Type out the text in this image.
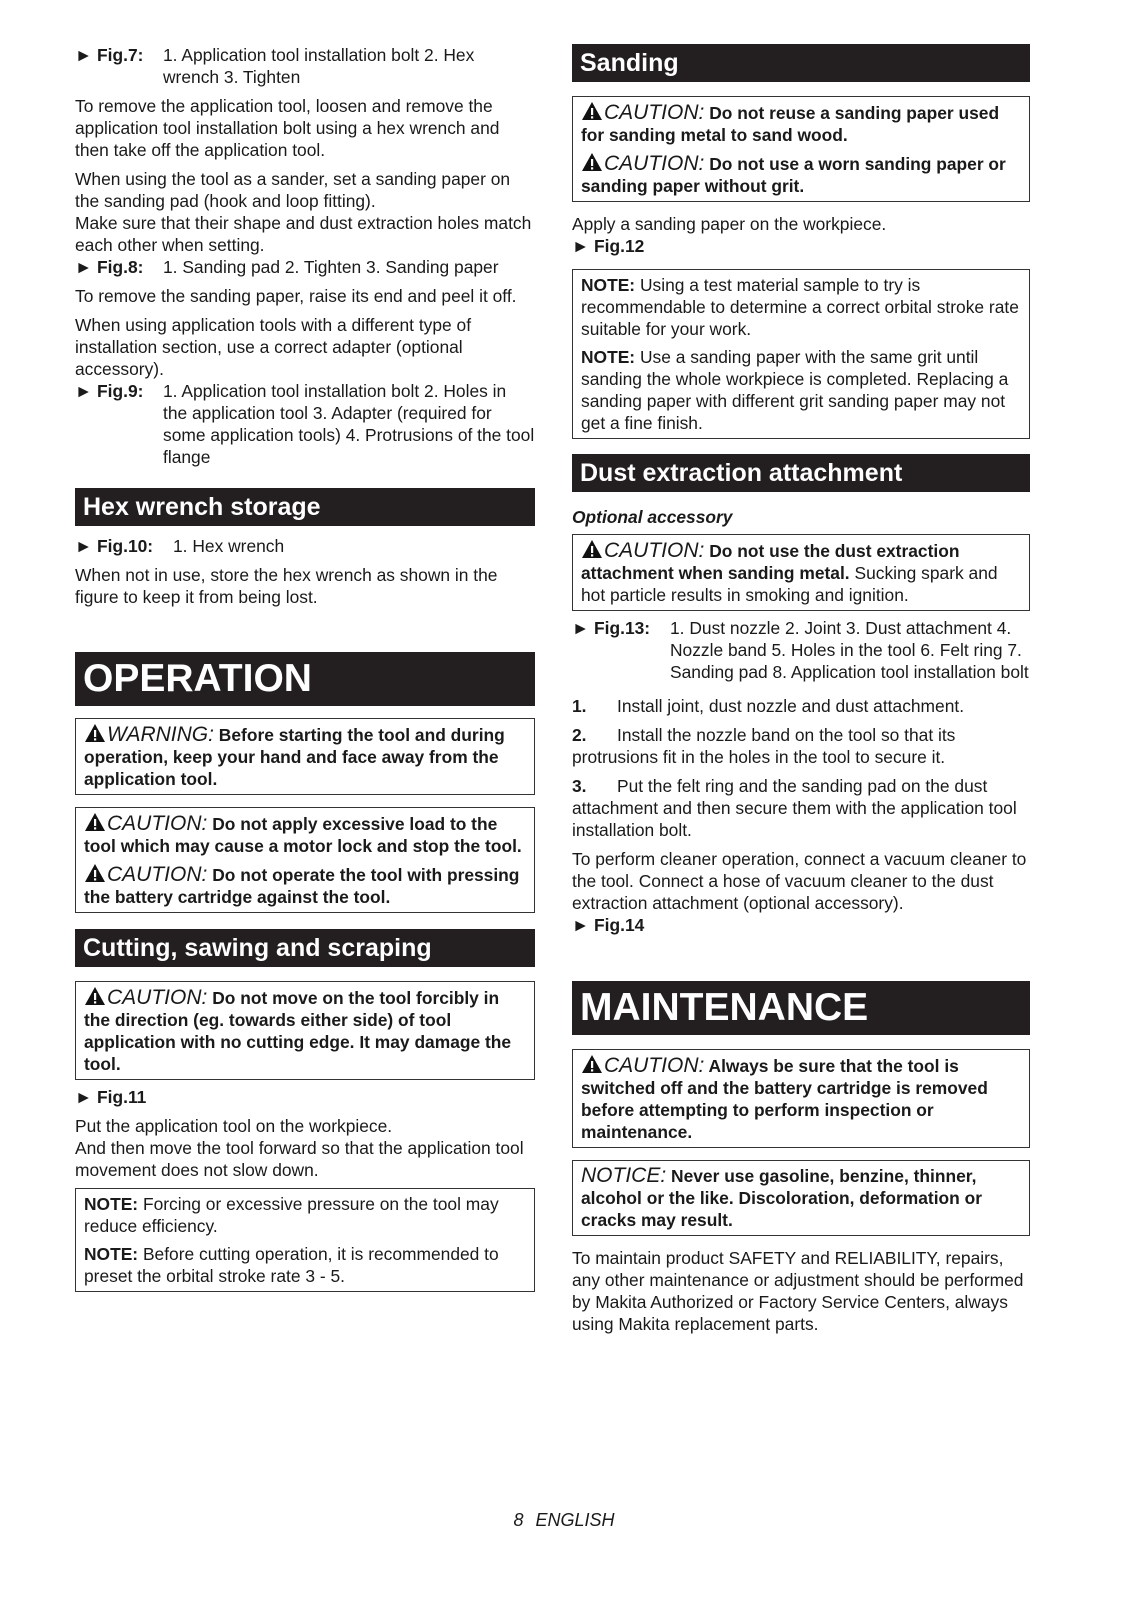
► Fig.7:	1. Application tool installation bolt 2. Hex wrench 3. Tighten

To remove the application tool, loosen and remove the application tool installation bolt using a hex wrench and then take off the application tool.

When using the tool as a sander, set a sanding paper on the sanding pad (hook and loop fitting).

Make sure that their shape and dust extraction holes match each other when setting.

► Fig.8:	1. Sanding pad 2. Tighten 3. Sanding paper

To remove the sanding paper, raise its end and peel it off.

When using application tools with a different type of installation section, use a correct adapter (optional accessory).

► Fig.9:	1. Application tool installation bolt 2. Holes in the application tool 3. Adapter (required for some application tools) 4. Protrusions of the tool flange
Hex wrench storage
► Fig.10:	1. Hex wrench

When not in use, store the hex wrench as shown in the figure to keep it from being lost.

OPERATION

WARNING: Before starting the tool and during operation, keep your hand and face away from the application tool.

CAUTION: Do not apply excessive load to the tool which may cause a motor lock and stop the tool.

CAUTION: Do not operate the tool with pressing the battery cartridge against the tool.

Cutting, sawing and scraping

CAUTION: Do not move on the tool forcibly in the direction (eg. towards either side) of tool application with no cutting edge. It may damage the tool.

► Fig.11

Put the application tool on the workpiece.

And then move the tool forward so that the application tool movement does not slow down.

NOTE: Forcing or excessive pressure on the tool may reduce efficiency.

NOTE: Before cutting operation, it is recommended to preset the orbital stroke rate 3 - 5.

Sanding

CAUTION: Do not reuse a sanding paper used for sanding metal to sand wood.

CAUTION: Do not use a worn sanding paper or sanding paper without grit.

Apply a sanding paper on the workpiece.

► Fig.12

NOTE: Using a test material sample to try is recommendable to determine a correct orbital stroke rate suitable for your work.

NOTE: Use a sanding paper with the same grit until sanding the whole workpiece is completed. Replacing a sanding paper with different grit sanding paper may not get a fine finish.

Dust extraction attachment

Optional accessory

CAUTION: Do not use the dust extraction attachment when sanding metal. Sucking spark and hot particle results in smoking and ignition.

► Fig.13:	1. Dust nozzle 2. Joint 3. Dust attachment 4. Nozzle band 5. Holes in the tool 6. Felt ring 7. Sanding pad 8. Application tool installation bolt

1. Install joint, dust nozzle and dust attachment.

2. Install the nozzle band on the tool so that its protrusions fit in the holes in the tool to secure it.

3. Put the felt ring and the sanding pad on the dust attachment and then secure them with the application tool installation bolt.

To perform cleaner operation, connect a vacuum cleaner to the tool. Connect a hose of vacuum cleaner to the dust extraction attachment (optional accessory).

► Fig.14

MAINTENANCE

CAUTION: Always be sure that the tool is switched off and the battery cartridge is removed before attempting to perform inspection or maintenance.

NOTICE: Never use gasoline, benzine, thinner, alcohol or the like. Discoloration, deformation or cracks may result.

To maintain product SAFETY and RELIABILITY, repairs, any other maintenance or adjustment should be performed by Makita Authorized or Factory Service Centers, always using Makita replacement parts.

8 ENGLISH
